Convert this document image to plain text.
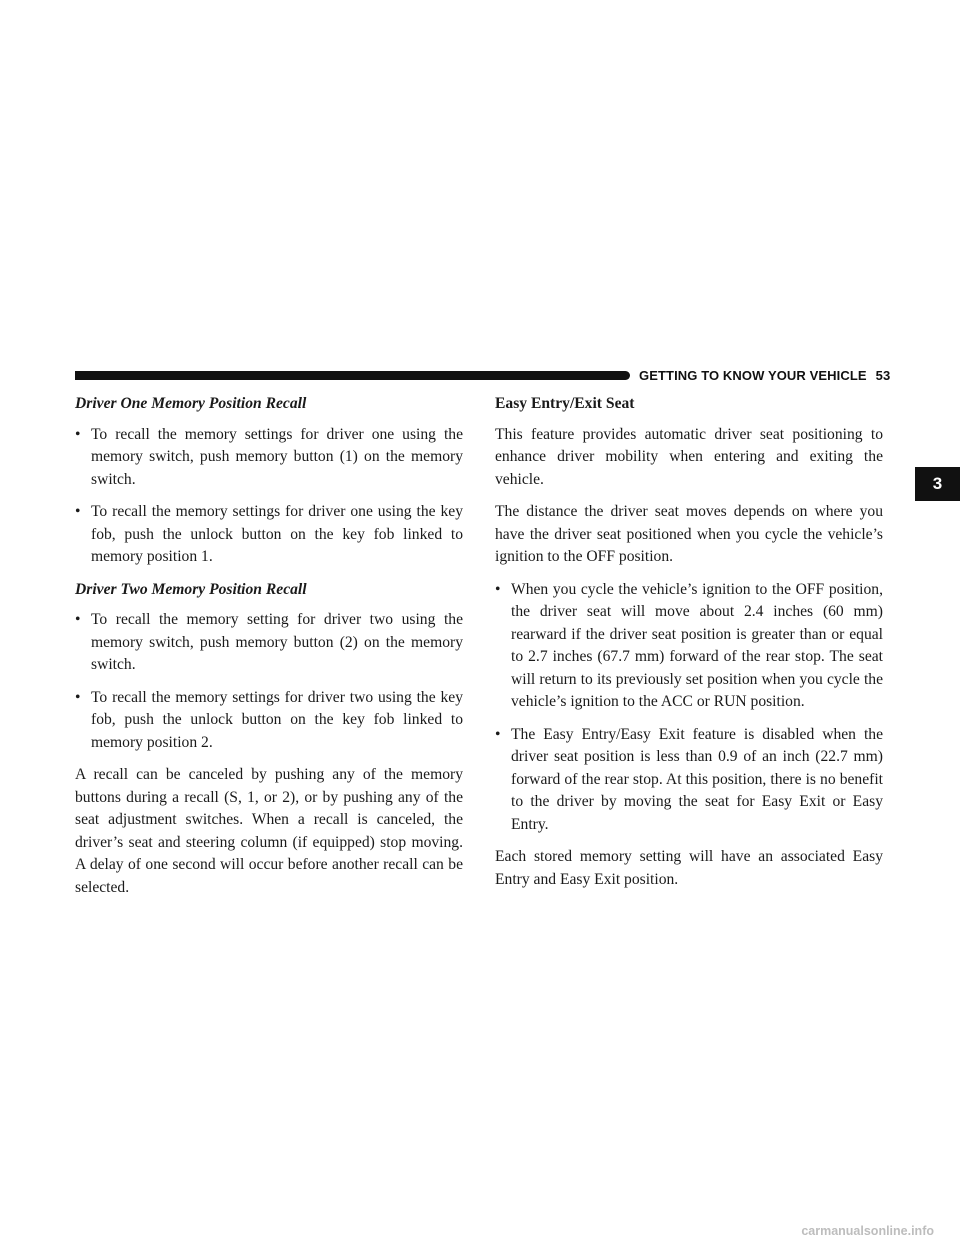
GETTING TO KNOW YOUR VEHICLE 53
3
Driver One Memory Position Recall
• To recall the memory settings for driver one using the memory switch, push memory button (1) on the memory switch.
• To recall the memory settings for driver one using the key fob, push the unlock button on the key fob linked to memory position 1.
Driver Two Memory Position Recall
• To recall the memory setting for driver two using the memory switch, push memory button (2) on the memory switch.
• To recall the memory settings for driver two using the key fob, push the unlock button on the key fob linked to memory position 2.

A recall can be canceled by pushing any of the memory buttons during a recall (S, 1, or 2), or by pushing any of the seat adjustment switches. When a recall is canceled, the driver’s seat and steering column (if equipped) stop moving. A delay of one second will occur before another recall can be selected.

Easy Entry/Exit Seat

This feature provides automatic driver seat positioning to enhance driver mobility when entering and exiting the vehicle.

The distance the driver seat moves depends on where you have the driver seat positioned when you cycle the vehicle’s ignition to the OFF position.

• When you cycle the vehicle’s ignition to the OFF position, the driver seat will move about 2.4 inches (60 mm) rearward if the driver seat position is greater than or equal to 2.7 inches (67.7 mm) forward of the rear stop. The seat will return to its previously set position when you cycle the vehicle’s ignition to the ACC or RUN position.
• The Easy Entry/Easy Exit feature is disabled when the driver seat position is less than 0.9 of an inch (22.7 mm) forward of the rear stop. At this position, there is no benefit to the driver by moving the seat for Easy Exit or Easy Entry.

Each stored memory setting will have an associated Easy Entry and Easy Exit position.

carmanualsonline.info
